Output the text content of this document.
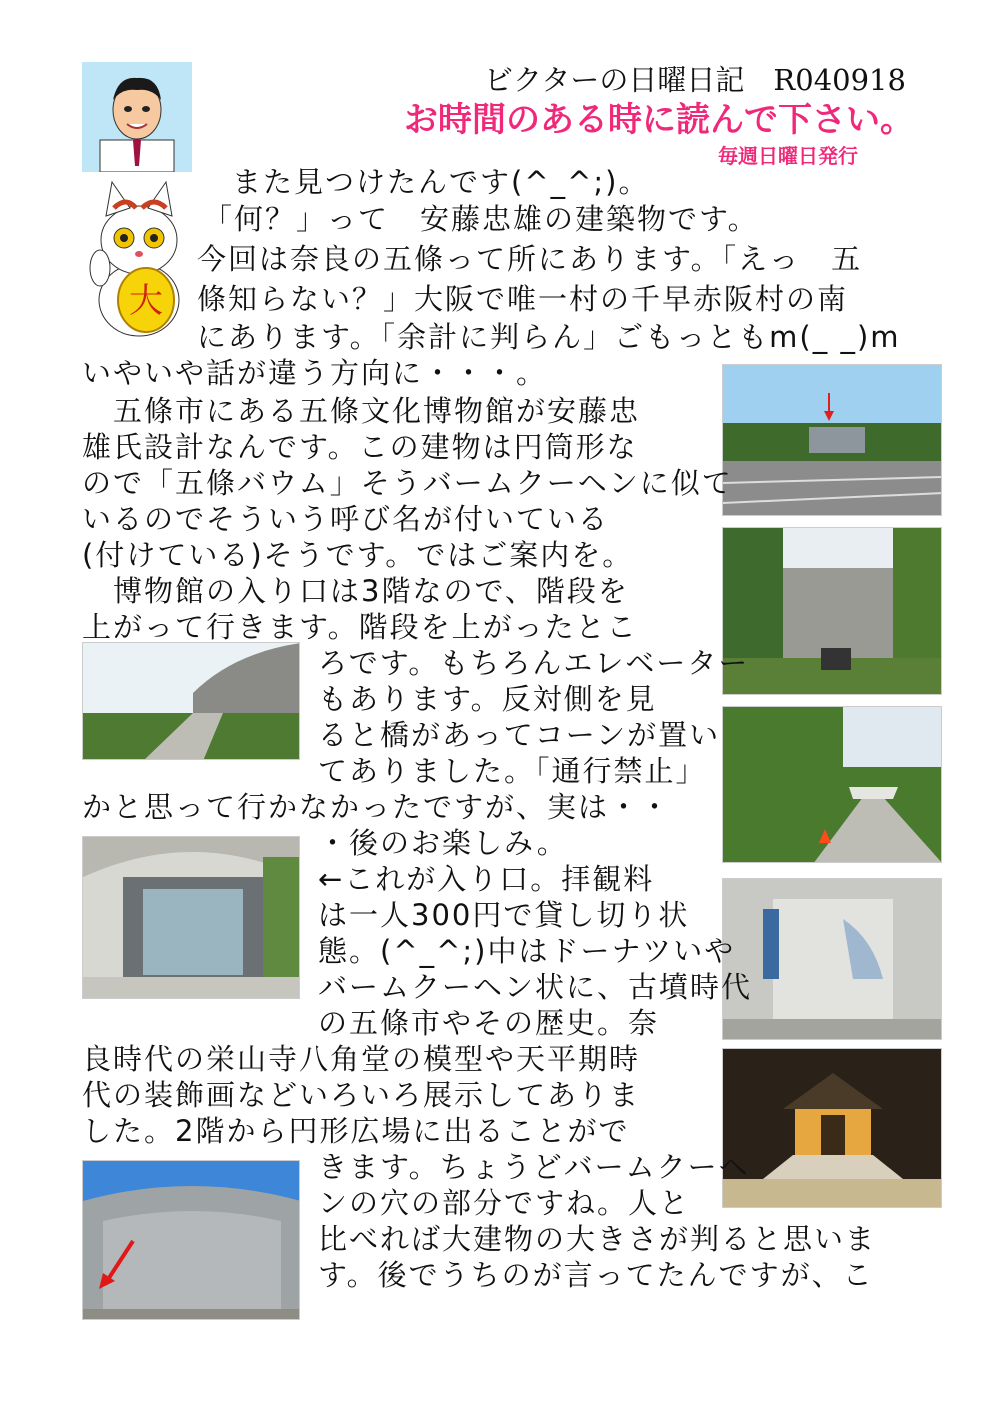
ビクターの日曜日記　R040918
お時間のある時に読んで下さい。
毎週日曜日発行
大
また見つけたんです(^_^;)。
「何？」って　安藤忠雄の建築物です。
今回は奈良の五條って所にあります。「えっ　五
條知らない？」大阪で唯一村の千早赤阪村の南
にあります。「余計に判らん」ごもっともm(_ _)m
いやいや話が違う方向に・・・。
　五條市にある五條文化博物館が安藤忠
雄氏設計なんです。この建物は円筒形な
ので「五條バウム」そうバームクーヘンに似て
いるのでそういう呼び名が付いている
(付けている)そうです。ではご案内を。
　博物館の入り口は3階なので、階段を
上がって行きます。階段を上がったとこ
ろです。もちろんエレベーター
もあります。反対側を見
ると橋があってコーンが置い
てありました。「通行禁止」
かと思って行かなかったですが、実は・・
・後のお楽しみ。
←これが入り口。拝観料
は一人300円で貸し切り状
態。(^_^;)中はドーナツいや
バームクーヘン状に、古墳時代
の五條市やその歴史。奈
良時代の栄山寺八角堂の模型や天平期時
代の装飾画などいろいろ展示してありま
した。2階から円形広場に出ることがで
きます。ちょうどバームクーヘ
ンの穴の部分ですね。人と
比べれば大建物の大きさが判ると思いま
す。後でうちのが言ってたんですが、こ
